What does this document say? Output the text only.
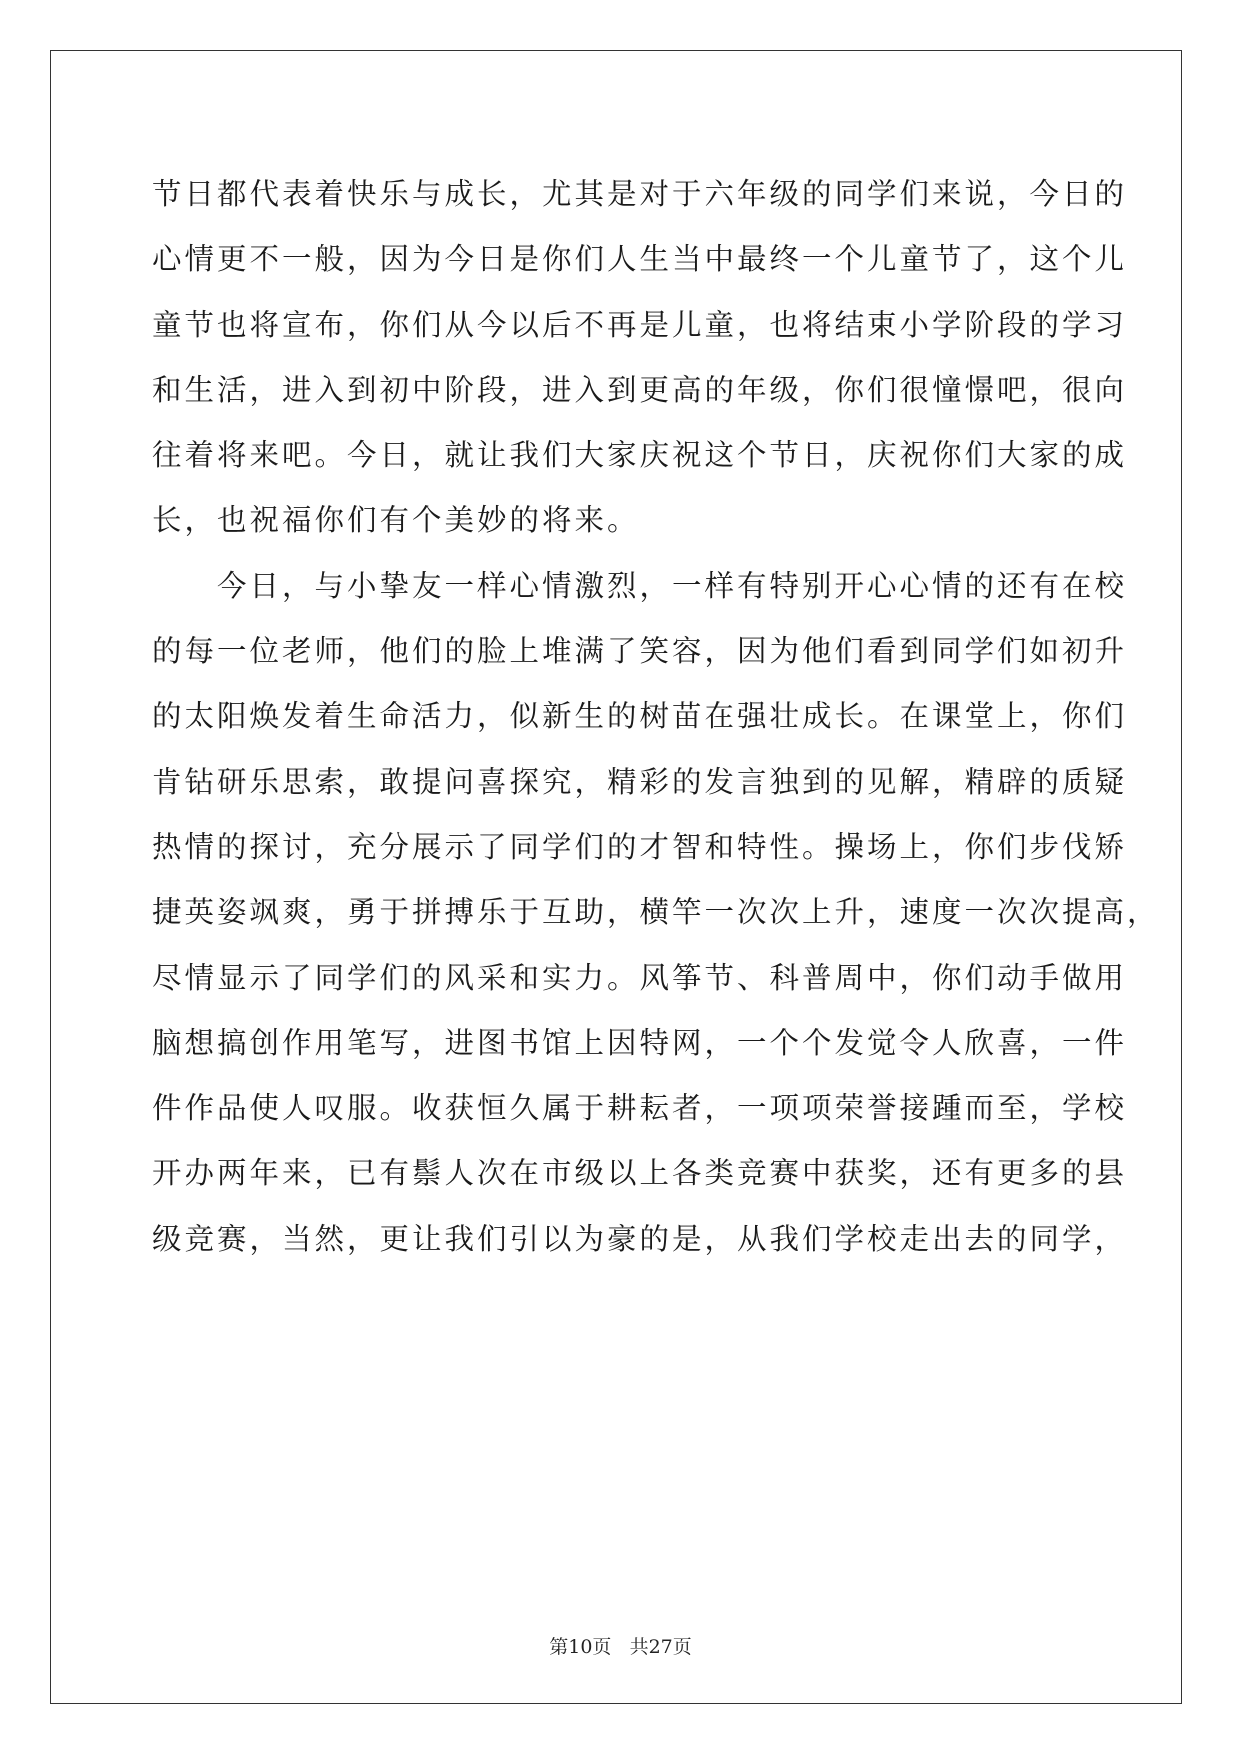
节日都代表着快乐与成长，尤其是对于六年级的同学们来说，今日的
心情更不一般，因为今日是你们人生当中最终一个儿童节了，这个儿
童节也将宣布，你们从今以后不再是儿童，也将结束小学阶段的学习
和生活，进入到初中阶段，进入到更高的年级，你们很憧憬吧，很向
往着将来吧。今日，就让我们大家庆祝这个节日，庆祝你们大家的成
长，也祝福你们有个美妙的将来。
　　今日，与小挚友一样心情激烈，一样有特别开心心情的还有在校
的每一位老师，他们的脸上堆满了笑容，因为他们看到同学们如初升
的太阳焕发着生命活力，似新生的树苗在强壮成长。在课堂上，你们
肯钻研乐思索，敢提问喜探究，精彩的发言独到的见解，精辟的质疑
热情的探讨，充分展示了同学们的才智和特性。操场上，你们步伐矫
捷英姿飒爽，勇于拼搏乐于互助，横竿一次次上升，速度一次次提高，
尽情显示了同学们的风采和实力。风筝节、科普周中，你们动手做用
脑想搞创作用笔写，进图书馆上因特网，一个个发觉令人欣喜，一件
件作品使人叹服。收获恒久属于耕耘者，一项项荣誉接踵而至，学校
开办两年来，已有鬃人次在市级以上各类竞赛中获奖，还有更多的县
级竞赛，当然，更让我们引以为豪的是，从我们学校走出去的同学，
第10页 共27页
